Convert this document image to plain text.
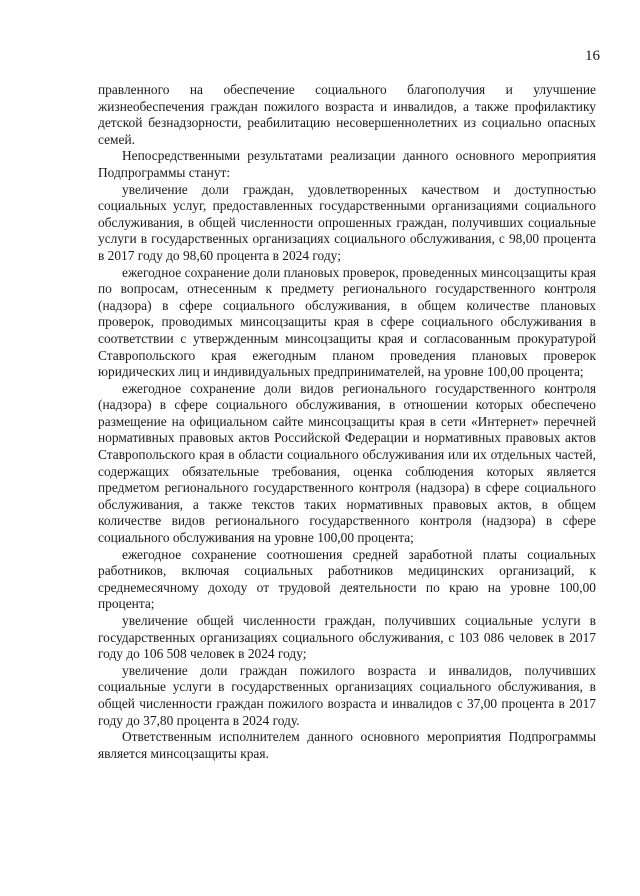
16

правленного на обеспечение социального благополучия и улучшение жизнеобеспечения граждан пожилого возраста и инвалидов, а также профилактику детской безнадзорности, реабилитацию несовершеннолетних из социально опасных семей.

Непосредственными результатами реализации данного основного мероприятия Подпрограммы станут:

увеличение доли граждан, удовлетворенных качеством и доступностью социальных услуг, предоставленных государственными организациями социального обслуживания, в общей численности опрошенных граждан, получивших социальные услуги в государственных организациях социального обслуживания, с 98,00 процента в 2017 году до 98,60 процента в 2024 году;

ежегодное сохранение доли плановых проверок, проведенных минсоцзащиты края по вопросам, отнесенным к предмету регионального государственного контроля (надзора) в сфере социального обслуживания, в общем количестве плановых проверок, проводимых минсоцзащиты края в сфере социального обслуживания в соответствии с утвержденным минсоцзащиты края и согласованным прокуратурой Ставропольского края ежегодным планом проведения плановых проверок юридических лиц и индивидуальных предпринимателей, на уровне 100,00 процента;

ежегодное сохранение доли видов регионального государственного контроля (надзора) в сфере социального обслуживания, в отношении которых обеспечено размещение на официальном сайте минсоцзащиты края в сети «Интернет» перечней нормативных правовых актов Российской Федерации и нормативных правовых актов Ставропольского края в области социального обслуживания или их отдельных частей, содержащих обязательные требования, оценка соблюдения которых является предметом регионального государственного контроля (надзора) в сфере социального обслуживания, а также текстов таких нормативных правовых актов, в общем количестве видов регионального государственного контроля (надзора) в сфере социального обслуживания на уровне 100,00 процента;

ежегодное сохранение соотношения средней заработной платы социальных работников, включая социальных работников медицинских организаций, к среднемесячному доходу от трудовой деятельности по краю на уровне 100,00 процента;

увеличение общей численности граждан, получивших социальные услуги в государственных организациях социального обслуживания, с 103 086 человек в 2017 году до 106 508 человек в 2024 году;

увеличение доли граждан пожилого возраста и инвалидов, получивших социальные услуги в государственных организациях социального обслуживания, в общей численности граждан пожилого возраста и инвалидов с 37,00 процента в 2017 году до 37,80 процента в 2024 году.

Ответственным исполнителем данного основного мероприятия Подпрограммы является минсоцзащиты края.
